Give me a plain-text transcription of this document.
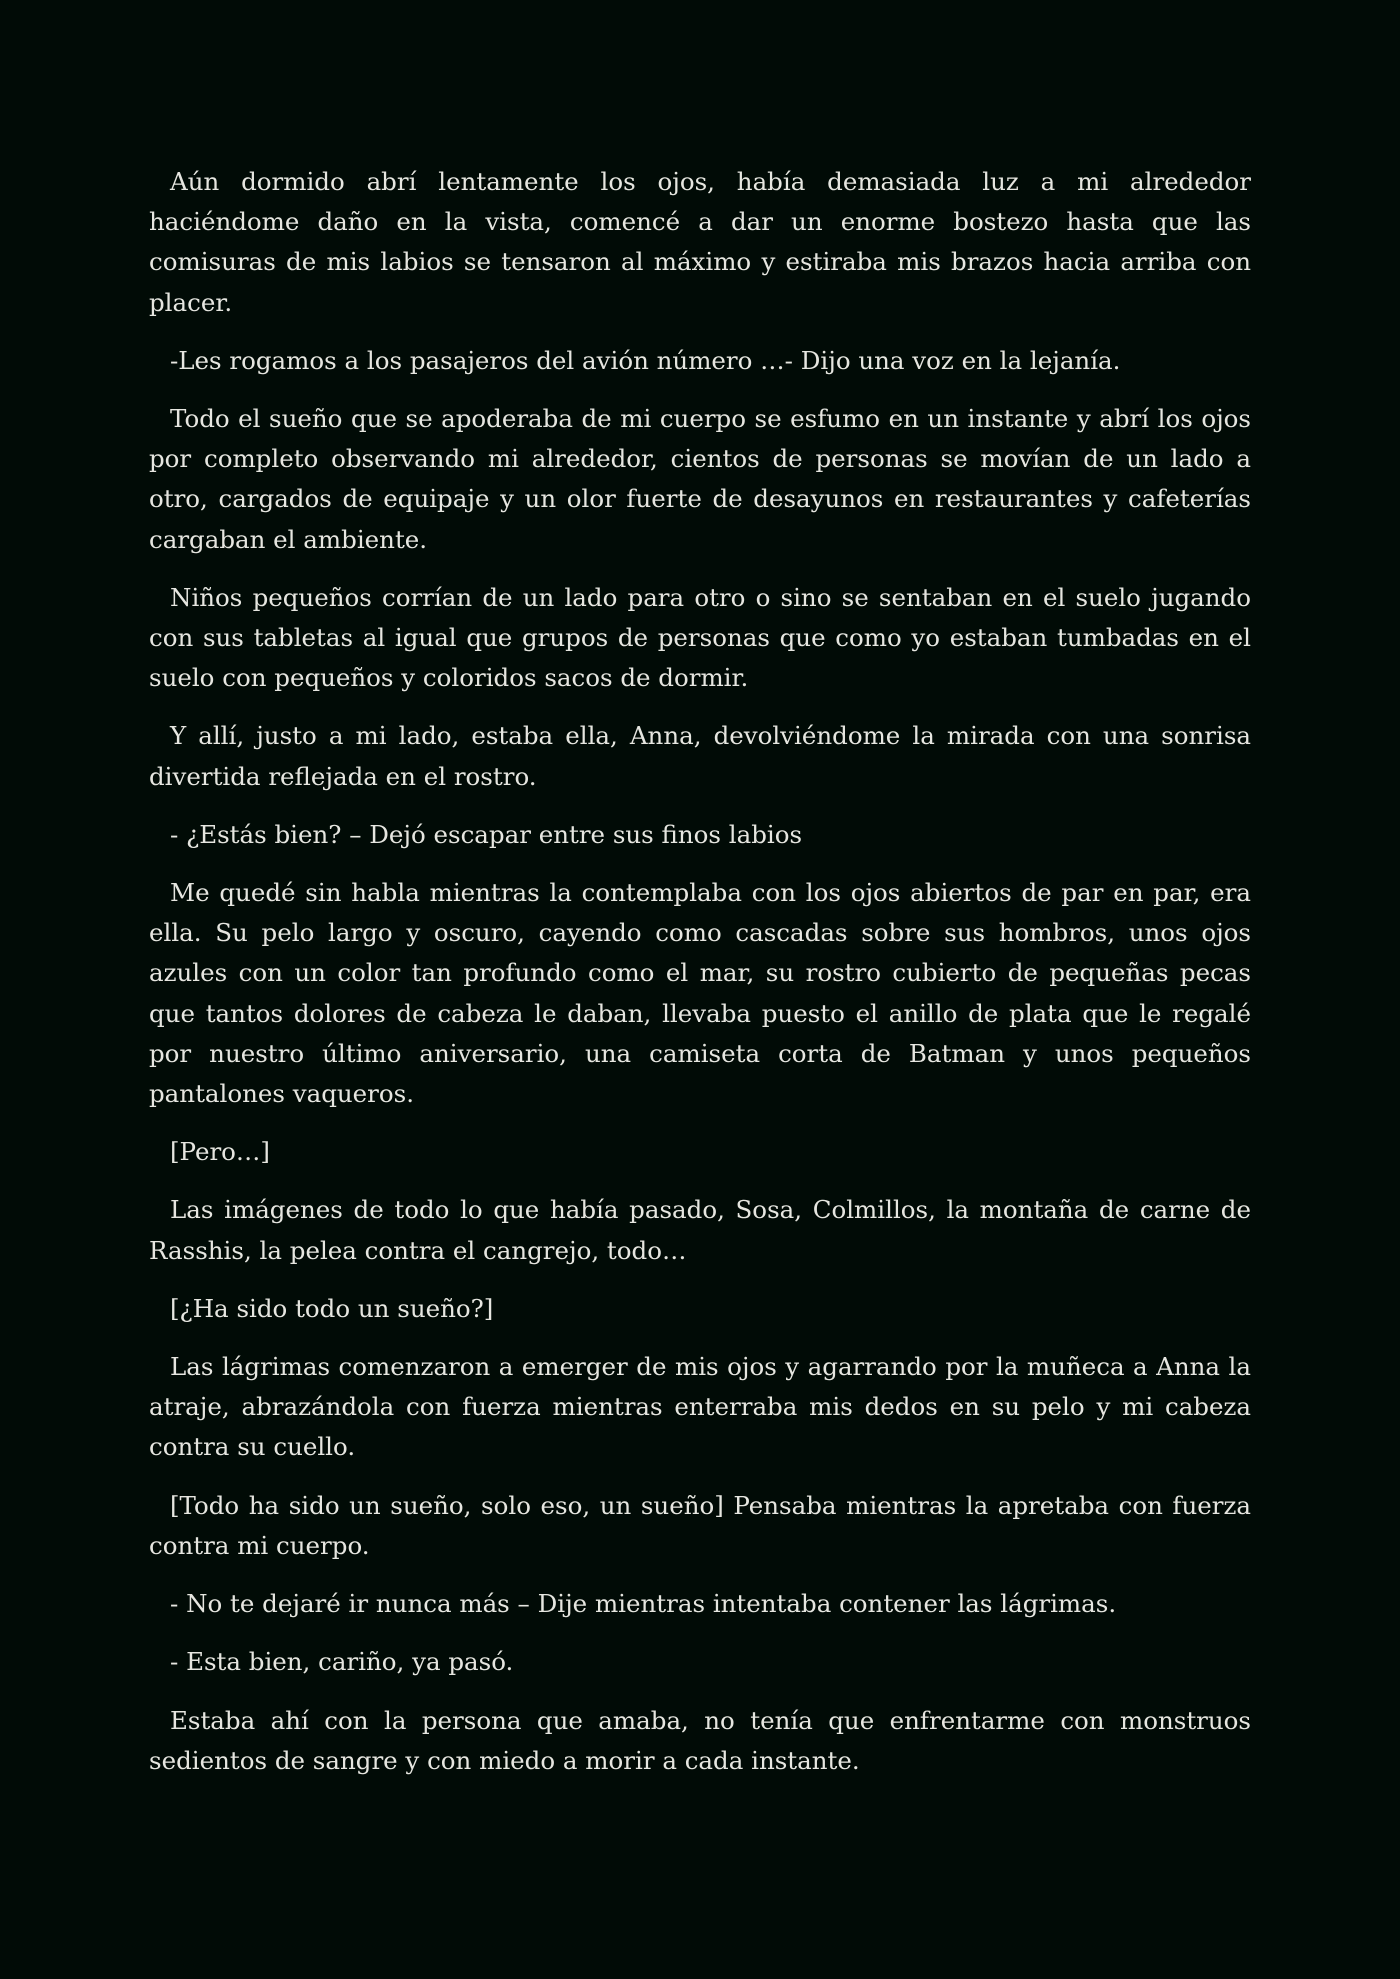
Aún dormido abrí lentamente los ojos, había demasiada luz a mi alrededor haciéndome daño en la vista, comencé a dar un enorme bostezo hasta que las comisuras de mis labios se tensaron al máximo y estiraba mis brazos hacia arriba con placer.

-Les rogamos a los pasajeros del avión número …- Dijo una voz en la lejanía.

Todo el sueño que se apoderaba de mi cuerpo se esfumo en un instante y abrí los ojos por completo observando mi alrededor, cientos de personas se movían de un lado a otro, cargados de equipaje y un olor fuerte de desayunos en restaurantes y cafeterías cargaban el ambiente.

Niños pequeños corrían de un lado para otro o sino se sentaban en el suelo jugando con sus tabletas al igual que grupos de personas que como yo estaban tumbadas en el suelo con pequeños y coloridos sacos de dormir.

Y allí, justo a mi lado, estaba ella, Anna, devolviéndome la mirada con una sonrisa divertida reflejada en el rostro.

- ¿Estás bien? – Dejó escapar entre sus finos labios

Me quedé sin habla mientras la contemplaba con los ojos abiertos de par en par, era ella. Su pelo largo y oscuro, cayendo como cascadas sobre sus hombros, unos ojos azules con un color tan profundo como el mar, su rostro cubierto de pequeñas pecas que tantos dolores de cabeza le daban, llevaba puesto el anillo de plata que le regalé por nuestro último aniversario, una camiseta corta de Batman y unos pequeños pantalones vaqueros.

[Pero…]

Las imágenes de todo lo que había pasado, Sosa, Colmillos, la montaña de carne de Rasshis, la pelea contra el cangrejo, todo…

[¿Ha sido todo un sueño?]

Las lágrimas comenzaron a emerger de mis ojos y agarrando por la muñeca a Anna la atraje, abrazándola con fuerza mientras enterraba mis dedos en su pelo y mi cabeza contra su cuello.

[Todo ha sido un sueño, solo eso, un sueño] Pensaba mientras la apretaba con fuerza contra mi cuerpo.

- No te dejaré ir nunca más – Dije mientras intentaba contener las lágrimas.

- Esta bien, cariño, ya pasó.

Estaba ahí con la persona que amaba, no tenía que enfrentarme con monstruos sedientos de sangre y con miedo a morir a cada instante.
